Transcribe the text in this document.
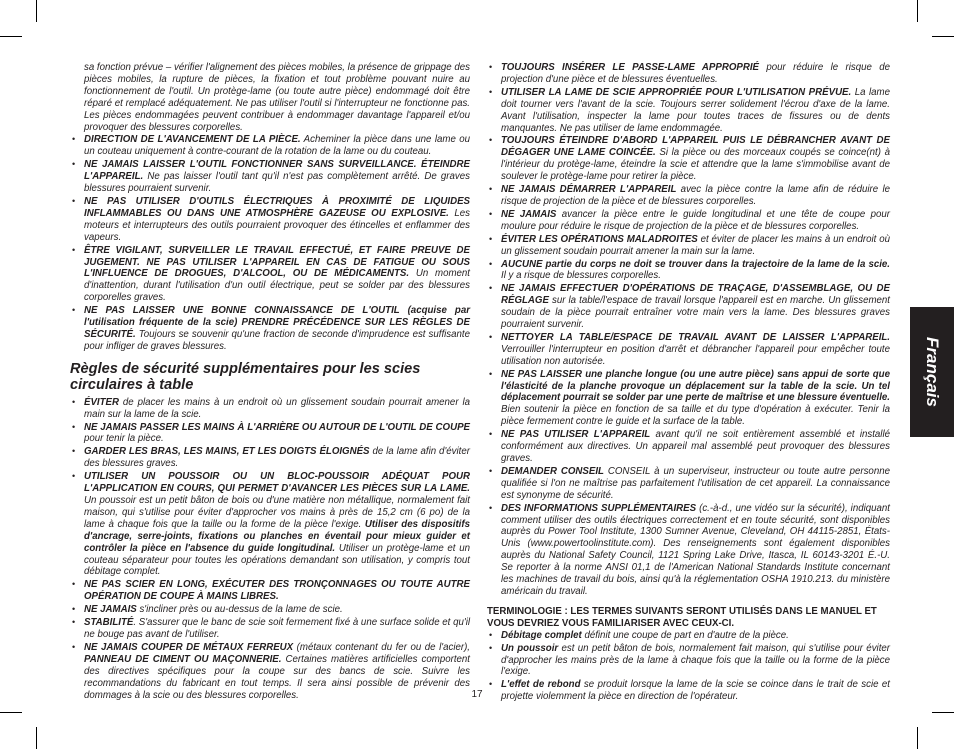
sa fonction prévue – vérifier l'alignement des pièces mobiles, la présence de grippage des pièces mobiles, la rupture de pièces, la fixation et tout problème pouvant nuire au fonctionnement de l'outil. Un protège-lame (ou toute autre pièce) endommagé doit être réparé et remplacé adéquatement. Ne pas utiliser l'outil si l'interrupteur ne fonctionne pas. Les pièces endommagées peuvent contribuer à endommager davantage l'appareil et/ou provoquer des blessures corporelles.

• DIRECTION DE L'AVANCEMENT DE LA PIÈCE. Acheminer la pièce dans une lame ou un couteau uniquement à contre-courant de la rotation de la lame ou du couteau.

• NE JAMAIS LAISSER L'OUTIL FONCTIONNER SANS SURVEILLANCE. ÉTEINDRE L'APPAREIL. Ne pas laisser l'outil tant qu'il n'est pas complètement arrêté. De graves blessures pourraient survenir.

• NE PAS UTILISER D'OUTILS ÉLECTRIQUES À PROXIMITÉ DE LIQUIDES INFLAMMABLES OU DANS UNE ATMOSPHÈRE GAZEUSE OU EXPLOSIVE. Les moteurs et interrupteurs des outils pourraient provoquer des étincelles et enflammer des vapeurs.

• ÊTRE VIGILANT, SURVEILLER LE TRAVAIL EFFECTUÉ, ET FAIRE PREUVE DE JUGEMENT. NE PAS UTILISER L'APPAREIL EN CAS DE FATIGUE OU SOUS L'INFLUENCE DE DROGUES, D'ALCOOL, OU DE MÉDICAMENTS. Un moment d'inattention, durant l'utilisation d'un outil électrique, peut se solder par des blessures corporelles graves.

• NE PAS LAISSER UNE BONNE CONNAISSANCE DE L'OUTIL (acquise par l'utilisation fréquente de la scie) PRENDRE PRÉCÉDENCE SUR LES RÈGLES DE SÉCURITÉ. Toujours se souvenir qu'une fraction de seconde d'imprudence est suffisante pour infliger de graves blessures.

Règles de sécurité supplémentaires pour les scies circulaires à table

• ÉVITER de placer les mains à un endroit où un glissement soudain pourrait amener la main sur la lame de la scie.

• NE JAMAIS PASSER LES MAINS À L'ARRIÈRE OU AUTOUR DE L'OUTIL DE COUPE pour tenir la pièce.

• GARDER LES BRAS, LES MAINS, ET LES DOIGTS ÉLOIGNÉS de la lame afin d'éviter des blessures graves.

• UTILISER UN POUSSOIR OU UN BLOC-POUSSOIR ADÉQUAT POUR L'APPLICATION EN COURS, QUI PERMET D'AVANCER LES PIÈCES SUR LA LAME. Un poussoir est un petit bâton de bois ou d'une matière non métallique, normalement fait maison, qui s'utilise pour éviter d'approcher vos mains à près de 15,2 cm (6 po) de la lame à chaque fois que la taille ou la forme de la pièce l'exige. Utiliser des dispositifs d'ancrage, serre-joints, fixations ou planches en éventail pour mieux guider et contrôler la pièce en l'absence du guide longitudinal. Utiliser un protège-lame et un couteau séparateur pour toutes les opérations demandant son utilisation, y compris tout débitage complet.

• NE PAS SCIER EN LONG, EXÉCUTER DES TRONÇONNAGES OU TOUTE AUTRE OPÉRATION DE COUPE À MAINS LIBRES.

• NE JAMAIS s'incliner près ou au-dessus de la lame de scie.

• STABILITÉ. S'assurer que le banc de scie soit fermement fixé à une surface solide et qu'il ne bouge pas avant de l'utiliser.

• NE JAMAIS COUPER DE MÉTAUX FERREUX (métaux contenant du fer ou de l'acier), PANNEAU DE CIMENT OU MAÇONNERIE. Certaines matières artificielles comportent des directives spécifiques pour la coupe sur des bancs de scie. Suivre les recommandations du fabricant en tout temps. Il sera ainsi possible de prévenir des dommages à la scie ou des blessures corporelles.

• TOUJOURS INSÉRER LE PASSE-LAME APPROPRIÉ pour réduire le risque de projection d'une pièce et de blessures éventuelles.

• UTILISER LA LAME DE SCIE APPROPRIÉE POUR L'UTILISATION PRÉVUE. La lame doit tourner vers l'avant de la scie. Toujours serrer solidement l'écrou d'axe de la lame. Avant l'utilisation, inspecter la lame pour toutes traces de fissures ou de dents manquantes. Ne pas utiliser de lame endommagée.

• TOUJOURS ÉTEINDRE D'ABORD L'APPAREIL PUIS LE DÉBRANCHER AVANT DE DÉGAGER UNE LAME COINCÉE. Si la pièce ou des morceaux coupés se coince(nt) à l'intérieur du protège-lame, éteindre la scie et attendre que la lame s'immobilise avant de soulever le protège-lame pour retirer la pièce.

• NE JAMAIS DÉMARRER L'APPAREIL avec la pièce contre la lame afin de réduire le risque de projection de la pièce et de blessures corporelles.

• NE JAMAIS avancer la pièce entre le guide longitudinal et une tête de coupe pour moulure pour réduire le risque de projection de la pièce et de blessures corporelles.

• ÉVITER LES OPÉRATIONS MALADROITES et éviter de placer les mains à un endroit où un glissement soudain pourrait amener la main sur la lame.

• AUCUNE partie du corps ne doit se trouver dans la trajectoire de la lame de la scie. Il y a risque de blessures corporelles.

• NE JAMAIS EFFECTUER D'OPÉRATIONS DE TRAÇAGE, D'ASSEMBLAGE, OU DE RÉGLAGE sur la table/l'espace de travail lorsque l'appareil est en marche. Un glissement soudain de la pièce pourrait entraîner votre main vers la lame. Des blessures graves pourraient survenir.

• NETTOYER LA TABLE/ESPACE DE TRAVAIL AVANT DE LAISSER L'APPAREIL. Verrouiller l'interrupteur en position d'arrêt et débrancher l'appareil pour empêcher toute utilisation non autorisée.

• NE PAS LAISSER une planche longue (ou une autre pièce) sans appui de sorte que l'élasticité de la planche provoque un déplacement sur la table de la scie. Un tel déplacement pourrait se solder par une perte de maîtrise et une blessure éventuelle. Bien soutenir la pièce en fonction de sa taille et du type d'opération à exécuter. Tenir la pièce fermement contre le guide et la surface de la table.

• NE PAS UTILISER L'APPAREIL avant qu'il ne soit entièrement assemblé et installé conformément aux directives. Un appareil mal assemblé peut provoquer des blessures graves.

• DEMANDER CONSEIL CONSEIL à un superviseur, instructeur ou toute autre personne qualifiée si l'on ne maîtrise pas parfaitement l'utilisation de cet appareil. La connaissance est synonyme de sécurité.

• DES INFORMATIONS SUPPLÉMENTAIRES (c.-à-d., une vidéo sur la sécurité), indiquant comment utiliser des outils électriques correctement et en toute sécurité, sont disponibles auprès du Power Tool Institute, 1300 Sumner Avenue, Cleveland, OH 44115-2851, États-Unis (www.powertoolinstitute.com). Des renseignements sont également disponibles auprès du National Safety Council, 1121 Spring Lake Drive, Itasca, IL 60143-3201 É.-U. Se reporter à la norme ANSI 01,1 de l'American National Standards Institute concernant les machines de travail du bois, ainsi qu'à la réglementation OSHA 1910.213. du ministère américain du travail.

TERMINOLOGIE : LES TERMES SUIVANTS SERONT UTILISÉS DANS LE MANUEL ET VOUS DEVRIEZ VOUS FAMILIARISER AVEC CEUX-CI.

• Débitage complet définit une coupe de part en d'autre de la pièce.

• Un poussoir est un petit bâton de bois, normalement fait maison, qui s'utilise pour éviter d'approcher les mains près de la lame à chaque fois que la taille ou la forme de la pièce l'exige.

• L'effet de rebond se produit lorsque la lame de la scie se coince dans le trait de scie et projette violemment la pièce en direction de l'opérateur.

Français
17
